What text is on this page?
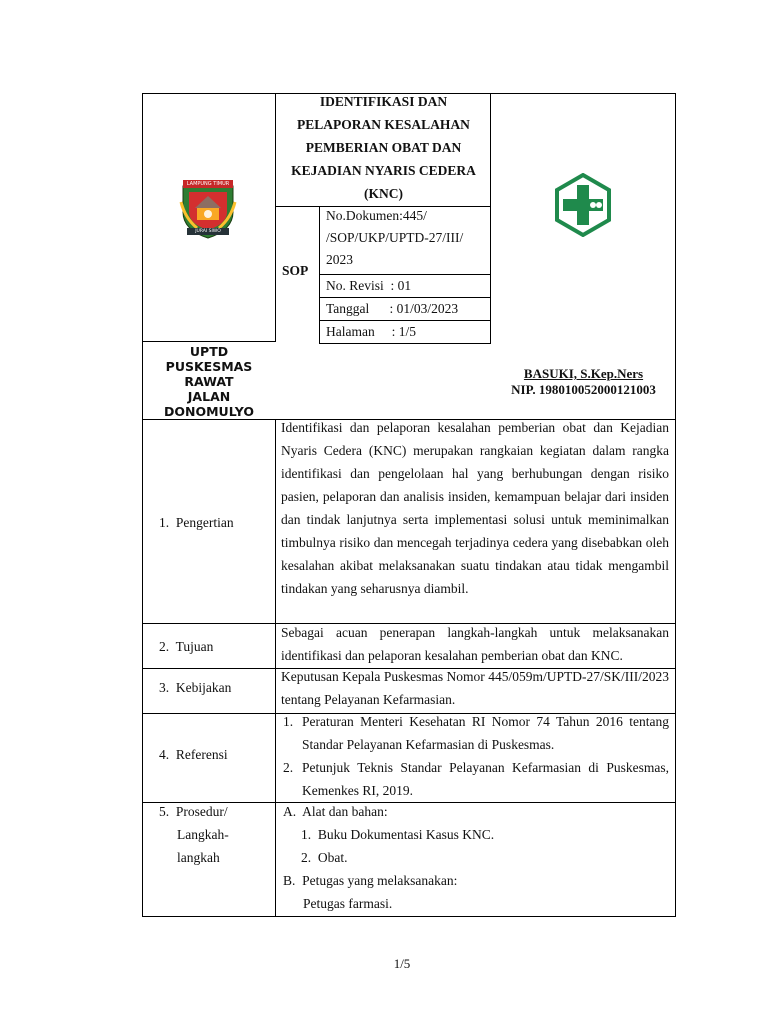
LAMPUNG TIMUR
JURAI SIWO
UPTD
PUSKESMAS
RAWAT
JALAN
DONOMULYO
IDENTIFIKASI DAN
PELAPORAN KESALAHAN
PEMBERIAN OBAT DAN
KEJADIAN NYARIS CEDERA
(KNC)
SOP
No.Dokumen:445/
/SOP/UKP/UPTD-27/III/
2023
No. Revisi  : 01
Tanggal      : 01/03/2023
Halaman     : 1/5
BASUKI, S.Kep.Ners
NIP. 198010052000121003
1.  Pengertian
Identifikasi dan pelaporan kesalahan pemberian obat dan Kejadian Nyaris Cedera (KNC) merupakan rangkaian kegiatan dalam rangka identifikasi dan pengelolaan hal yang berhubungan dengan risiko pasien, pelaporan dan analisis insiden, kemampuan belajar dari insiden dan tindak lanjutnya serta implementasi solusi untuk meminimalkan timbulnya risiko dan mencegah terjadinya cedera yang disebabkan oleh kesalahan akibat melaksanakan suatu tindakan atau tidak mengambil tindakan yang seharusnya diambil.
2.  Tujuan
Sebagai acuan penerapan langkah-langkah untuk melaksanakan identifikasi dan pelaporan kesalahan pemberian obat dan KNC.
3.  Kebijakan
Keputusan Kepala Puskesmas Nomor 445/059m/UPTD-27/SK/III/2023 tentang Pelayanan Kefarmasian.
4.  Referensi
1. Peraturan Menteri Kesehatan RI Nomor 74 Tahun 2016 tentang Standar Pelayanan Kefarmasian di Puskesmas.
2. Petunjuk Teknis Standar Pelayanan Kefarmasian di Puskesmas, Kemenkes RI, 2019.
5.  Prosedur/
Langkah-
langkah
A.  Alat dan bahan:
1.  Buku Dokumentasi Kasus KNC.
2.  Obat.
B.  Petugas yang melaksanakan:
Petugas farmasi.
1/5
